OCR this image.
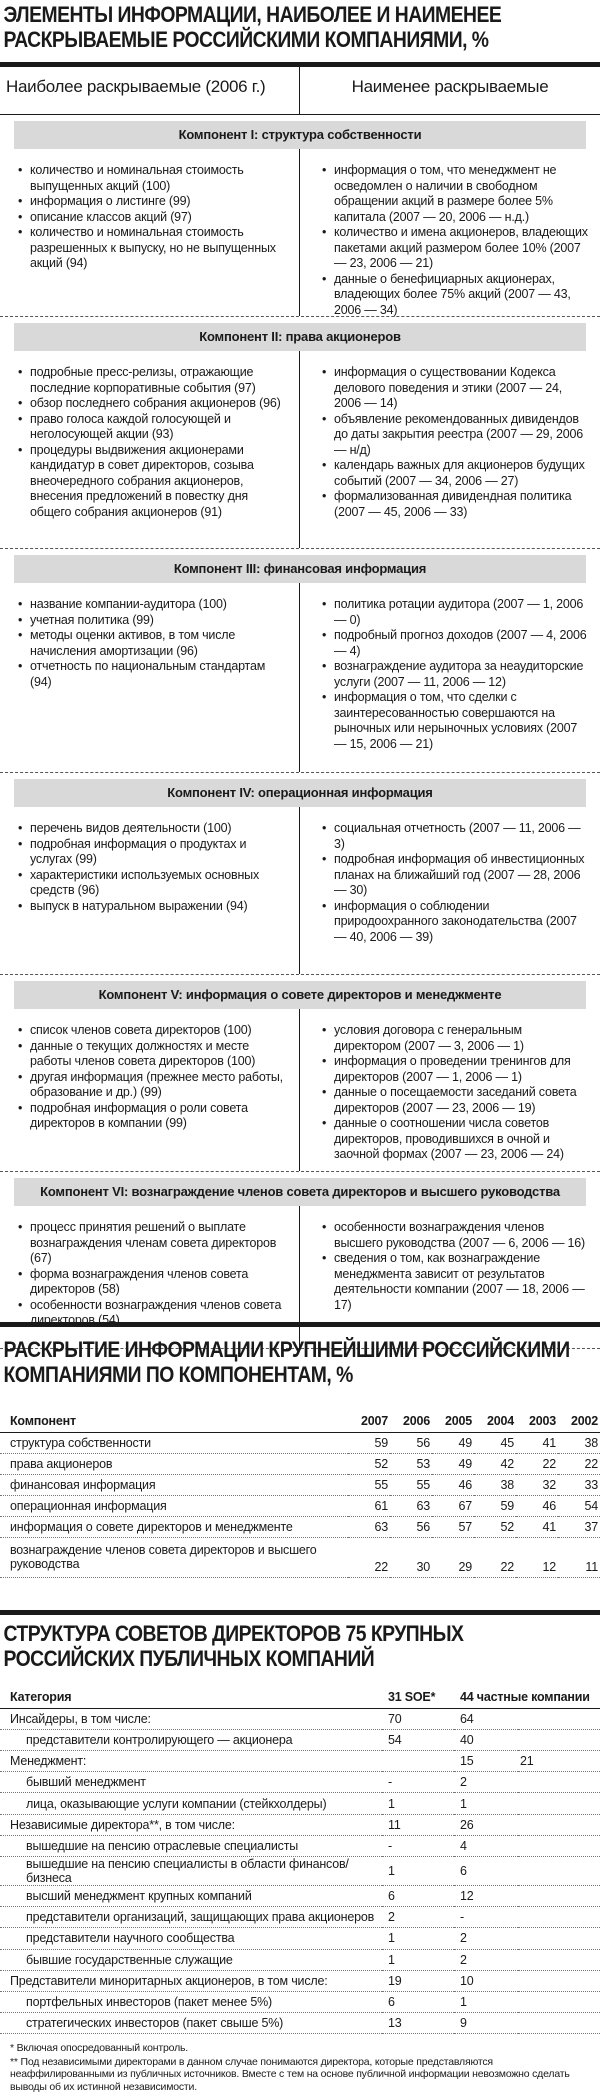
ЭЛЕМЕНТЫ ИНФОРМАЦИИ, НАИБОЛЕЕ И НАИМЕНЕЕ РАСКРЫВАЕМЫЕ РОССИЙСКИМИ КОМПАНИЯМИ, %
Наиболее раскрываемые (2006 г.)	Наименее раскрываемые
Компонент I: структура собственности
• количество и номинальная стоимость выпущенных акций (100)
• информация о листинге (99)
• описание классов акций (97)
• количество и номинальная стоимость разрешенных к выпуску, но не выпущенных акций (94)
• информация о том, что менеджмент не осведомлен о наличии в свободном обращении акций в размере более 5% капитала (2007 — 20, 2006 — н.д.)
• количество и имена акционеров, владеющих пакетами акций размером более 10% (2007 — 23, 2006 — 21)
• данные о бенефициарных акционерах, владеющих более 75% акций (2007 — 43, 2006 — 34)
Компонент II: права акционеров
• подробные пресс-релизы, отражающие последние корпоративные события (97)
• обзор последнего собрания акционеров (96)
• право голоса каждой голосующей и неголосующей акции (93)
• процедуры выдвижения акционерами кандидатур в совет директоров, созыва внеочередного собрания акционеров, внесения предложений в повестку дня общего собрания акционеров (91)
• информация о существовании Кодекса делового поведения и этики (2007 — 24, 2006 — 14)
• объявление рекомендованных дивидендов до даты закрытия реестра (2007 — 29, 2006 — н/д)
• календарь важных для акционеров будущих событий (2007 — 34, 2006 — 27)
• формализованная дивидендная политика (2007 — 45, 2006 — 33)
Компонент III: финансовая информация
• название компании-аудитора (100)
• учетная политика (99)
• методы оценки активов, в том числе начисления амортизации (96)
• отчетность по национальным стандартам (94)
• политика ротации аудитора (2007 — 1, 2006 — 0)
• подробный прогноз доходов (2007 — 4, 2006 — 4)
• вознаграждение аудитора за неаудиторские услуги (2007 — 11, 2006 — 12)
• информация о том, что сделки с заинтересованностью совершаются на рыночных или нерыночных условиях (2007 — 15, 2006 — 21)
Компонент IV: операционная информация
• перечень видов деятельности (100)
• подробная информация о продуктах и услугах (99)
• характеристики используемых основных средств (96)
• выпуск в натуральном выражении (94)
• социальная отчетность (2007 — 11, 2006 — 3)
• подробная информация об инвестиционных планах на ближайший год (2007 — 28, 2006 — 30)
• информация о соблюдении природоохранного законодательства (2007 — 40, 2006 — 39)
Компонент V: информация о совете директоров и менеджменте
• список членов совета директоров (100)
• данные о текущих должностях и месте работы членов совета директоров (100)
• другая информация (прежнее место работы, образование и др.) (99)
• подробная информация о роли совета директоров в компании (99)
• условия договора с генеральным директором (2007 — 3, 2006 — 1)
• информация о проведении тренингов для директоров (2007 — 1, 2006 — 1)
• данные о посещаемости заседаний совета директоров (2007 — 23, 2006 — 19)
• данные о соотношении числа советов директоров, проводившихся в очной и заочной формах (2007 — 23, 2006 — 24)
Компонент VI: вознаграждение членов совета директоров и высшего руководства
• процесс принятия решений о выплате вознаграждения членам совета директоров (67)
• форма вознаграждения членов совета директоров (58)
• особенности вознаграждения членов совета директоров (54)
• особенности вознаграждения членов высшего руководства (2007 — 6, 2006 — 16)
• сведения о том, как вознаграждение менеджмента зависит от результатов деятельности компании (2007 — 18, 2006 — 17)
РАСКРЫТИЕ ИНФОРМАЦИИ КРУПНЕЙШИМИ РОССИЙСКИМИ КОМПАНИЯМИ ПО КОМПОНЕНТАМ, %
Компонент	2007	2006	2005	2004	2003	2002
структура собственности	59	56	49	45	41	38
права акционеров	52	53	49	42	22	22
финансовая информация	55	55	46	38	32	33
операционная информация	61	63	67	59	46	54
информация о совете директоров и менеджменте	63	56	57	52	41	37
вознаграждение членов совета директоров и высшего руководства	22	30	29	22	12	11
СТРУКТУРА СОВЕТОВ ДИРЕКТОРОВ 75 КРУПНЫХ РОССИЙСКИХ ПУБЛИЧНЫХ КОМПАНИЙ
Категория	31 SOE*	44 частные компании	
Инсайдеры, в том числе:	70	64	
представители контролирующего — акционера	54	40	
Менеджмент:		15	21
бывший менеджмент	-	2	
лица, оказывающие услуги компании (стейкхолдеры)	1	1	
Независимые директора**, в том числе:	11	26	
вышедшие на пенсию отраслевые специалисты	-	4	
вышедшие на пенсию специалисты в области финансов/бизнеса	1	6	
высший менеджмент крупных компаний	6	12	
представители организаций, защищающих права акционеров	2	-	
представители научного сообщества	1	2	
бывшие государственные служащие	1	2	
Представители миноритарных акционеров, в том числе:	19	10	
портфельных инвесторов (пакет менее 5%)	6	1	
стратегических инвесторов (пакет свыше 5%)	13	9	
* Включая опосредованный контроль.
** Под независимыми директорами в данном случае понимаются директора, которые представляются неаффилированными из публичных источников. Вместе с тем на основе публичной информации невозможно сделать выводы об их истинной независимости.
